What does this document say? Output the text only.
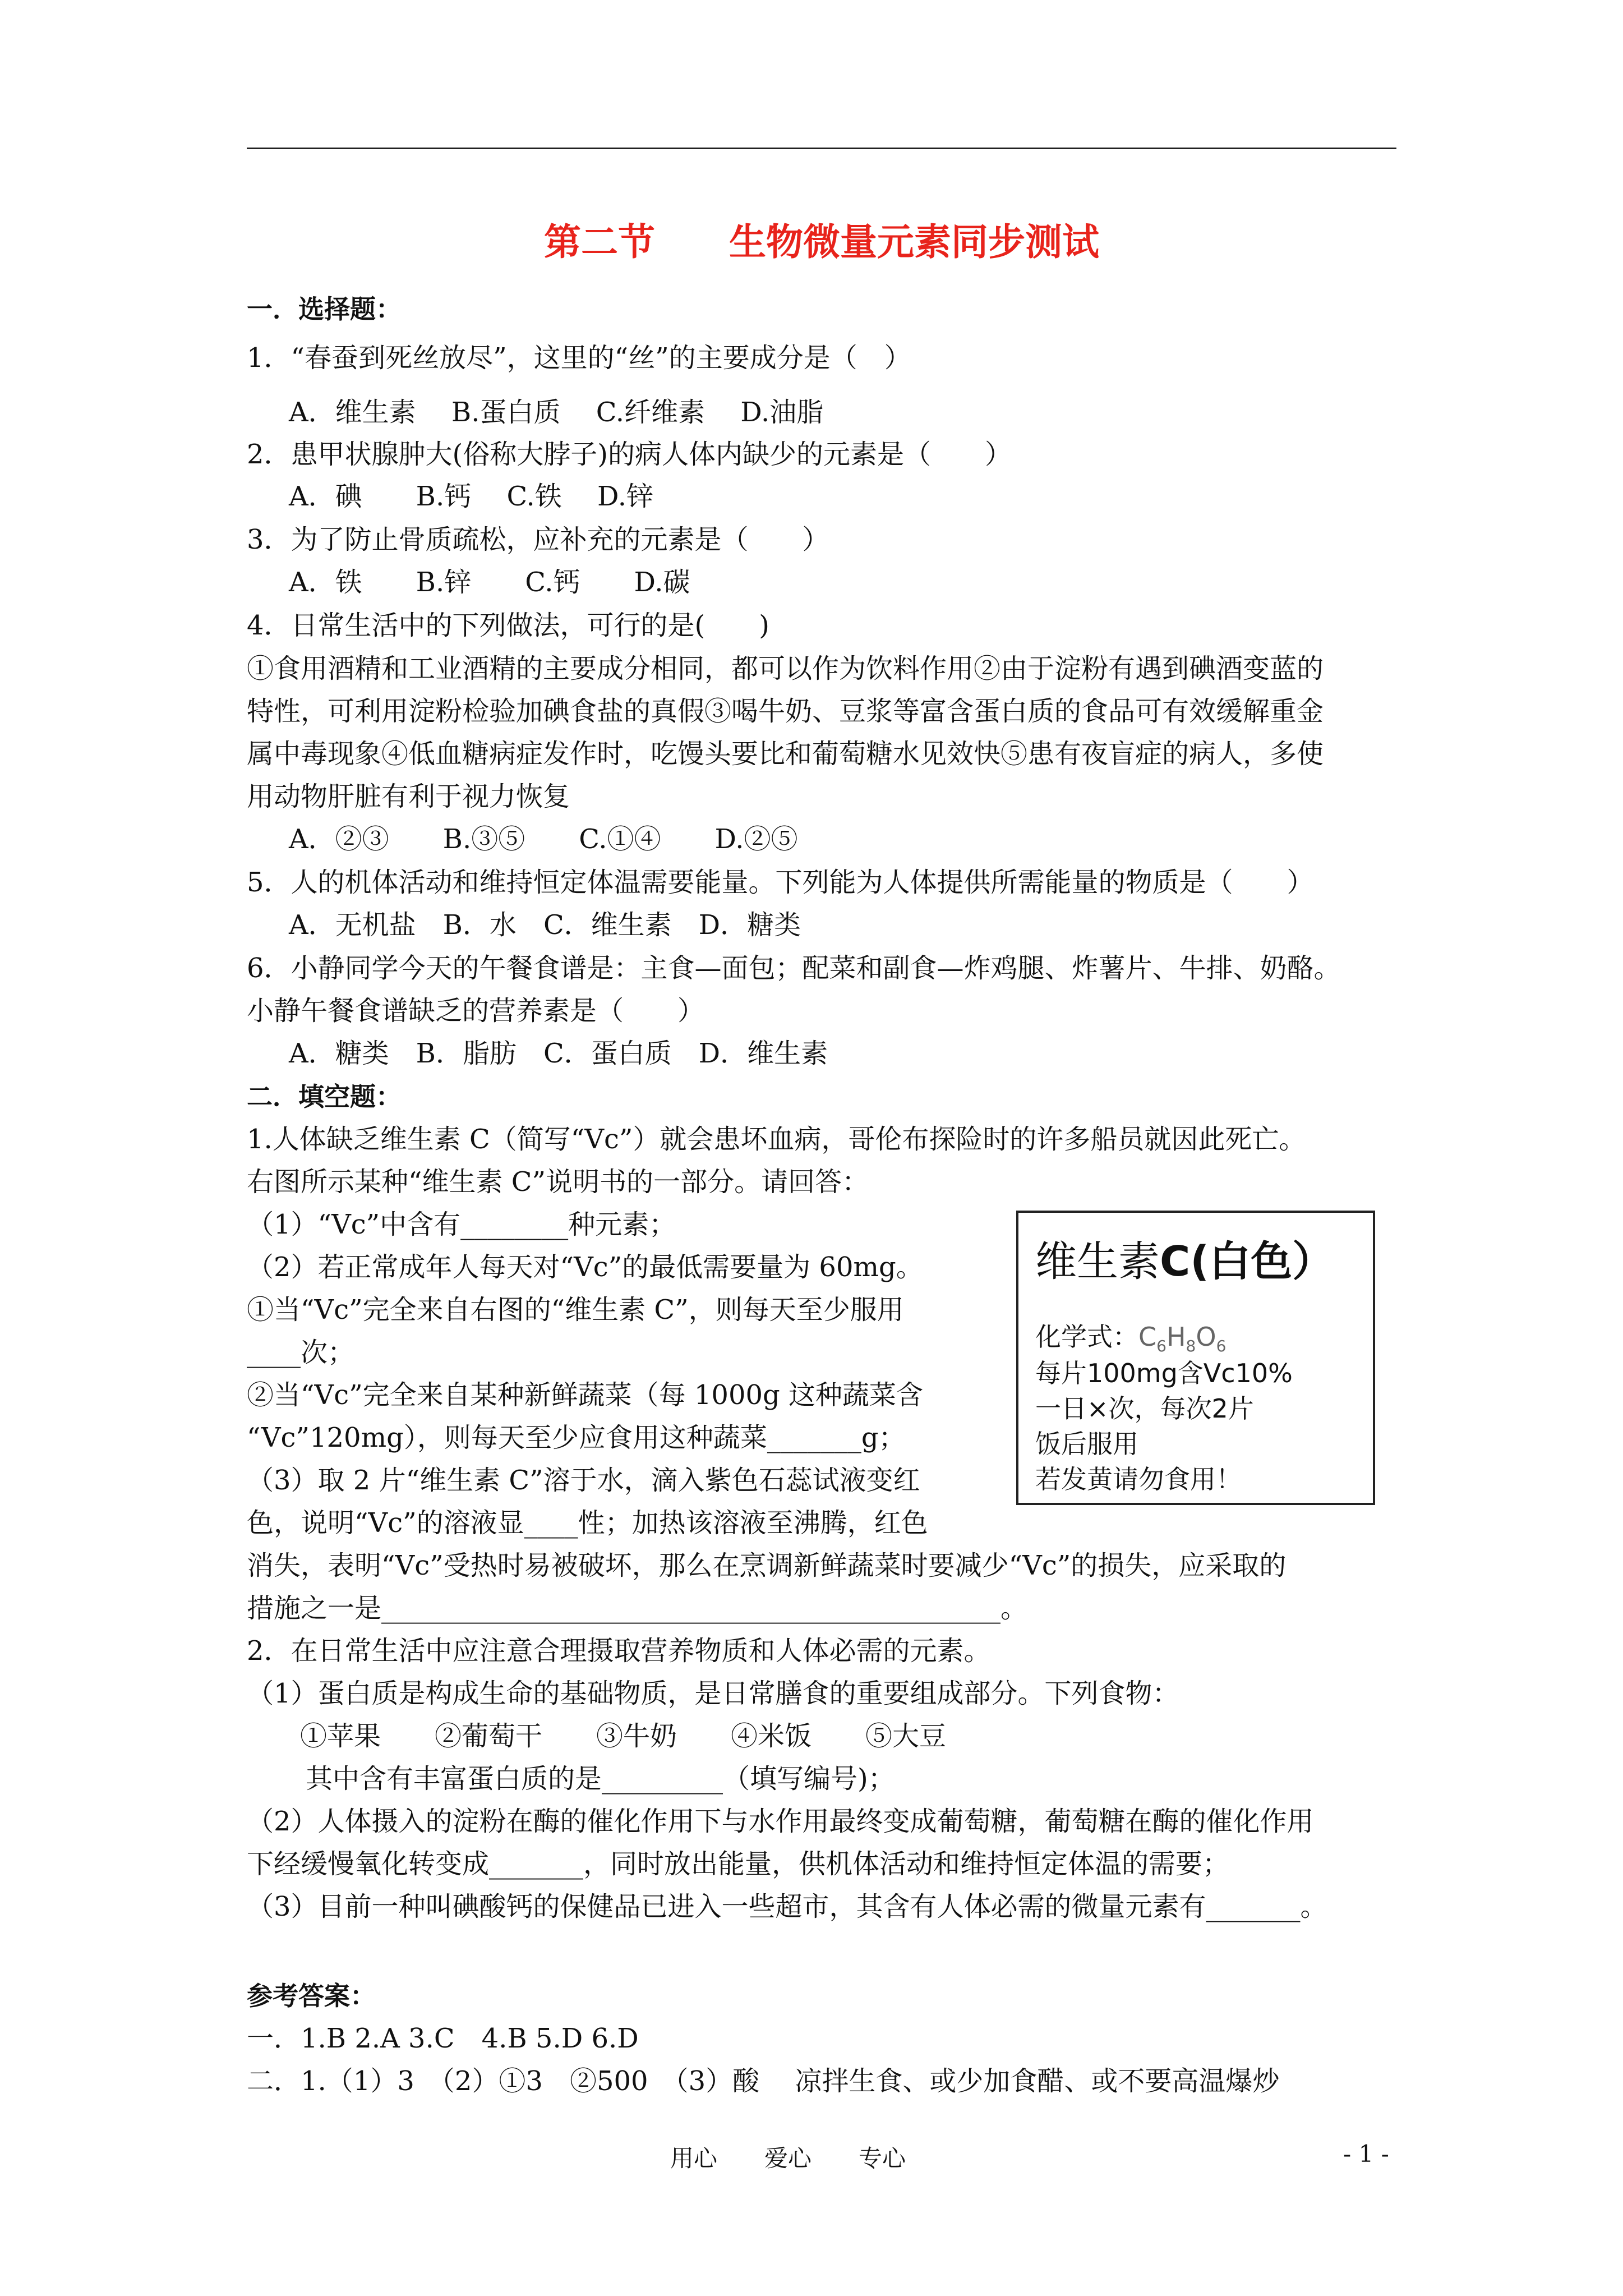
第二节　　生物微量元素同步测试
一．选择题：
1．“春蚕到死丝放尽”，这里的“丝”的主要成分是（　）
A．维生素　 B.蛋白质　 C.纤维素　 D.油脂
2．患甲状腺肿大(俗称大脖子)的病人体内缺少的元素是（　　）
A．碘　　B.钙　 C.铁　 D.锌
3．为了防止骨质疏松，应补充的元素是（　　）
A．铁　　B.锌　　C.钙　　D.碳
4．日常生活中的下列做法，可行的是(　　)
①食用酒精和工业酒精的主要成分相同，都可以作为饮料作用②由于淀粉有遇到碘酒变蓝的
特性，可利用淀粉检验加碘食盐的真假③喝牛奶、豆浆等富含蛋白质的食品可有效缓解重金
属中毒现象④低血糖病症发作时，吃馒头要比和葡萄糖水见效快⑤患有夜盲症的病人，多使
用动物肝脏有利于视力恢复
A．②③　　B.③⑤　　C.①④　　D.②⑤
5．人的机体活动和维持恒定体温需要能量。下列能为人体提供所需能量的物质是（　　）
A．无机盐　B．水　C．维生素　D．糖类
6．小静同学今天的午餐食谱是：主食—面包；配菜和副食—炸鸡腿、炸薯片、牛排、奶酪。
小静午餐食谱缺乏的营养素是（　　）
A．糖类　B．脂肪　C．蛋白质　D．维生素
二．填空题：
1.人体缺乏维生素 C（简写“Vc”）就会患坏血病，哥伦布探险时的许多船员就因此死亡。
右图所示某种“维生素 C”说明书的一部分。请回答：
（1）“Vc”中含有________种元素；
（2）若正常成年人每天对“Vc”的最低需要量为 60mg。
①当“Vc”完全来自右图的“维生素 C”，则每天至少服用
____次；
②当“Vc”完全来自某种新鲜蔬菜（每 1000g 这种蔬菜含
“Vc”120mg），则每天至少应食用这种蔬菜_______g；
（3）取 2 片“维生素 C”溶于水，滴入紫色石蕊试液变红
色，说明“Vc”的溶液显____性；加热该溶液至沸腾，红色
消失，表明“Vc”受热时易被破坏，那么在烹调新鲜蔬菜时要减少“Vc”的损失，应采取的
措施之一是______________________________________________。
2．在日常生活中应注意合理摄取营养物质和人体必需的元素。
（1）蛋白质是构成生命的基础物质，是日常膳食的重要组成部分。下列食物：
①苹果　　②葡萄干　　③牛奶　　④米饭　　⑤大豆
其中含有丰富蛋白质的是_________（填写编号)；
（2）人体摄入的淀粉在酶的催化作用下与水作用最终变成葡萄糖，葡萄糖在酶的催化作用
下经缓慢氧化转变成_______，同时放出能量，供机体活动和维持恒定体温的需要；
（3）目前一种叫碘酸钙的保健品已进入一些超市，其含有人体必需的微量元素有_______。
维生素C(白色）
化学式：$C_6H_8O_6$
每片100mg含Vc10%
一日×次，每次2片
饭后服用
若发黄请勿食用！
参考答案：
一．1.B 2.A 3.C　4.B 5.D 6.D
二．1.（1）3　（2）①3　②500　（3）酸　 凉拌生食、或少加食醋、或不要高温爆炒
用心　　爱心　　专心	- 1 -
